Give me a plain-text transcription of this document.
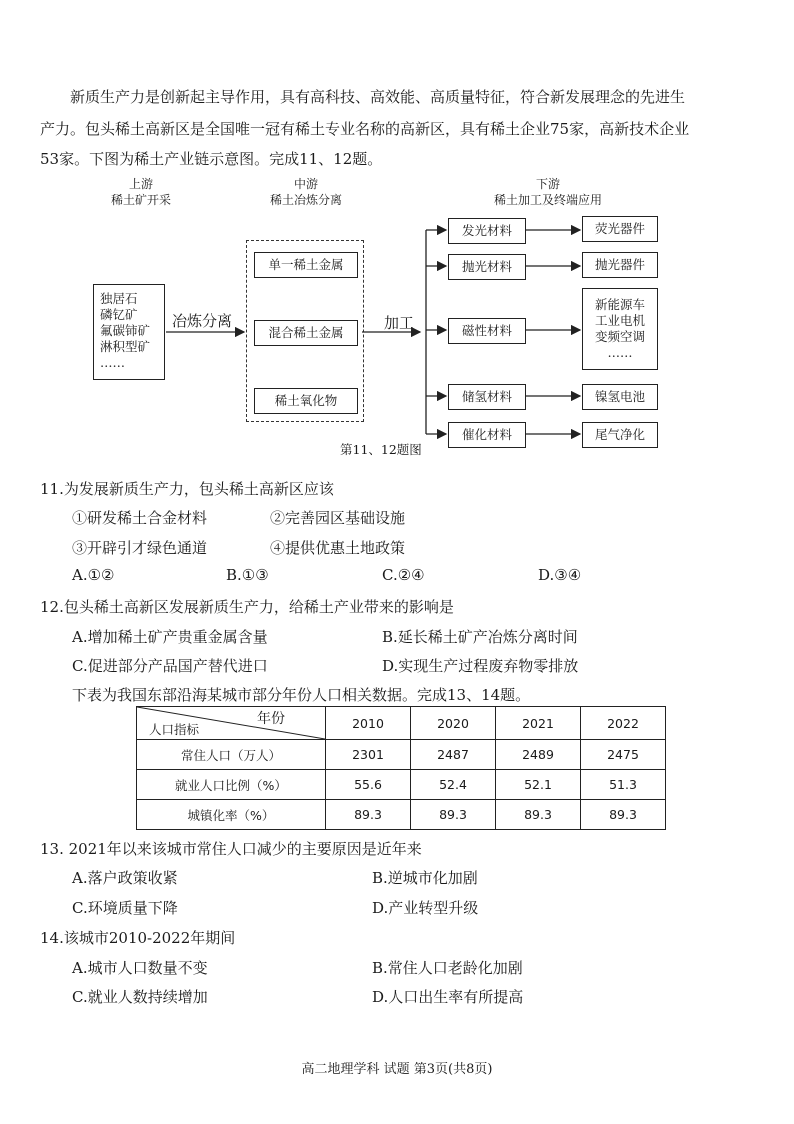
新质生产力是创新起主导作用，具有高科技、高效能、高质量特征，符合新发展理念的先进生
产力。包头稀土高新区是全国唯一冠有稀土专业名称的高新区，具有稀土企业75家，高新技术企业
53家。下图为稀土产业链示意图。完成11、12题。
上游
稀土矿开采
中游
稀土冶炼分离
下游
稀土加工及终端应用
独居石
磷钇矿
氟碳铈矿
淋积型矿
……
单一稀土金属
混合稀土金属
稀土氧化物
冶炼分离	加工
发光材料
抛光材料
磁性材料
储氢材料
催化材料
荧光器件
抛光器件
新能源车
工业电机
变频空调
……
镍氢电池
尾气净化
第11、12题图
11.为发展新质生产力，包头稀土高新区应该
①研发稀土合金材料	②完善园区基础设施
③开辟引才绿色通道	④提供优惠土地政策
A.①②	B.①③	C.②④	D.③④
12.包头稀土高新区发展新质生产力，给稀土产业带来的影响是
A.增加稀土矿产贵重金属含量	B.延长稀土矿产冶炼分离时间
C.促进部分产品国产替代进口	D.实现生产过程废弃物零排放
下表为我国东部沿海某城市部分年份人口相关数据。完成13、14题。
年份
人口指标	2010	2020	2021	2022
常住人口（万人）	2301	2487	2489	2475
就业人口比例（%）	55.6	52.4	52.1	51.3
城镇化率（%）	89.3	89.3	89.3	89.3
13. 2021年以来该城市常住人口减少的主要原因是近年来
A.落户政策收紧	B.逆城市化加剧
C.环境质量下降	D.产业转型升级
14.该城市2010-2022年期间
A.城市人口数量不变	B.常住人口老龄化加剧
C.就业人数持续增加	D.人口出生率有所提高
高二地理学科 试题 第3页(共8页)
